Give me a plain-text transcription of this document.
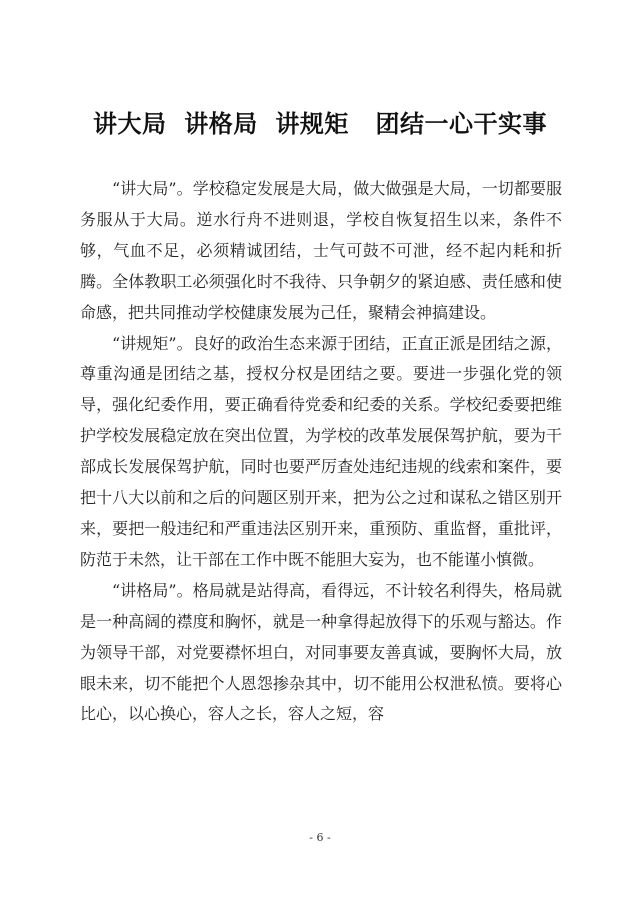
讲大局  讲格局  讲规矩   团结一心干实事

“讲大局”。学校稳定发展是大局，做大做强是大局，一切都要服务服从于大局。逆水行舟不进则退，学校自恢复招生以来，条件不够，气血不足，必须精诚团结，士气可鼓不可泄，经不起内耗和折腾。全体教职工必须强化时不我待、只争朝夕的紧迫感、责任感和使命感，把共同推动学校健康发展为己任，聚精会神搞建设。

“讲规矩”。良好的政治生态来源于团结，正直正派是团结之源，尊重沟通是团结之基，授权分权是团结之要。要进一步强化党的领导，强化纪委作用，要正确看待党委和纪委的关系。学校纪委要把维护学校发展稳定放在突出位置，为学校的改革发展保驾护航，要为干部成长发展保驾护航，同时也要严厉查处违纪违规的线索和案件，要把十八大以前和之后的问题区别开来，把为公之过和谋私之错区别开来，要把一般违纪和严重违法区别开来，重预防、重监督，重批评，防范于未然，让干部在工作中既不能胆大妄为，也不能谨小慎微。

“讲格局”。格局就是站得高，看得远，不计较名利得失，格局就是一种高阔的襟度和胸怀，就是一种拿得起放得下的乐观与豁达。作为领导干部，对党要襟怀坦白，对同事要友善真诚，要胸怀大局，放眼未来，切不能把个人恩怨掺杂其中，切不能用公权泄私愤。要将心比心，以心换心，容人之长，容人之短，容

- 6 -
